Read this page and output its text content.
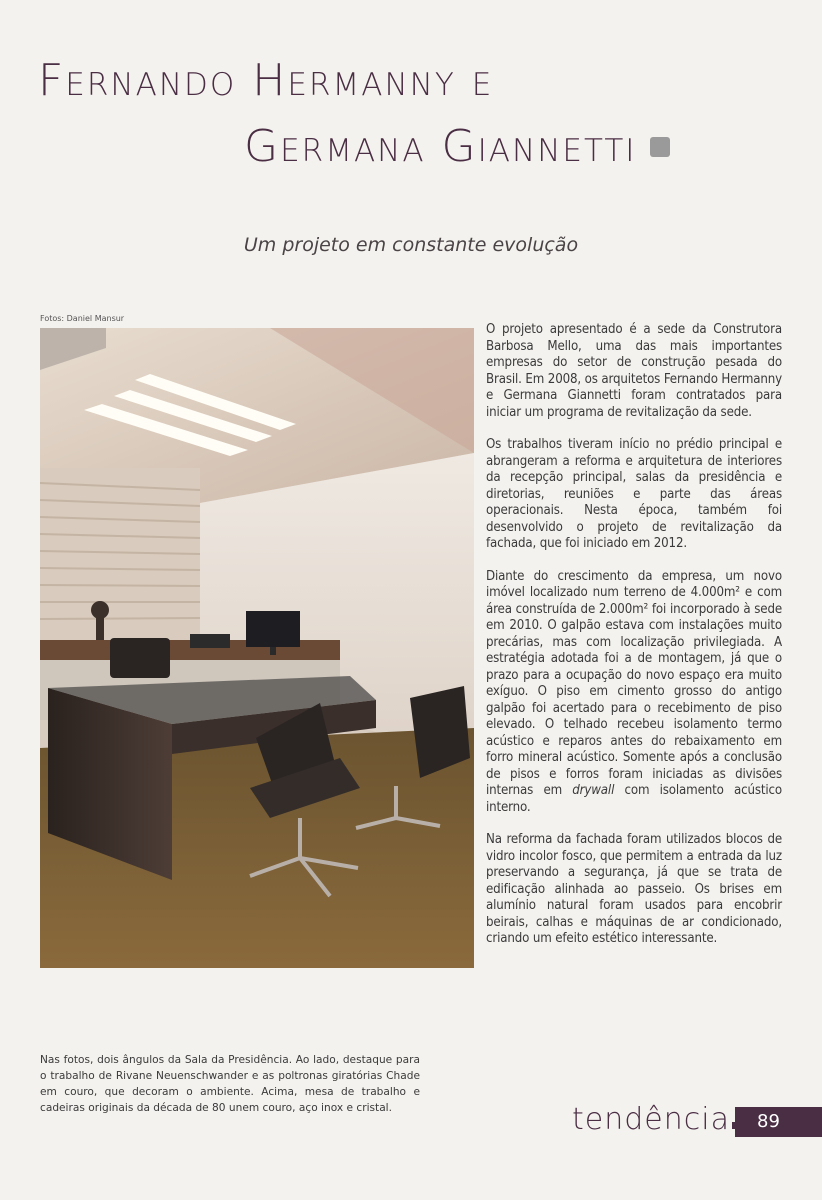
Fernando Hermanny e
Germana Giannetti

Um projeto em constante evolução

Fotos: Daniel Mansur

O projeto apresentado é a sede da Construtora Barbosa Mello, uma das mais importantes empresas do setor de construção pesada do Brasil. Em 2008, os arquitetos Fernando Hermanny e Germana Giannetti foram contratados para iniciar um programa de revitalização da sede.

Os trabalhos tiveram início no prédio principal e abrangeram a reforma e arquitetura de interiores da recepção principal, salas da presidência e diretorias, reuniões e parte das áreas operacionais. Nesta época, também foi desenvolvido o projeto de revitalização da fachada, que foi iniciado em 2012.

Diante do crescimento da empresa, um novo imóvel localizado num terreno de 4.000m² e com área construída de 2.000m² foi incorporado à sede em 2010. O galpão estava com instalações muito precárias, mas com localização privilegiada. A estratégia adotada foi a de montagem, já que o prazo para a ocupação do novo espaço era muito exíguo. O piso em cimento grosso do antigo galpão foi acertado para o recebimento de piso elevado. O telhado recebeu isolamento termo acústico e reparos antes do rebaixamento em forro mineral acústico. Somente após a conclusão de pisos e forros foram iniciadas as divisões internas em drywall com isolamento acústico interno.

Na reforma da fachada foram utilizados blocos de vidro incolor fosco, que permitem a entrada da luz preservando a segurança, já que se trata de edificação alinhada ao passeio. Os brises em alumínio natural foram usados para encobrir beirais, calhas e máquinas de ar condicionado, criando um efeito estético interessante.

Nas fotos, dois ângulos da Sala da Presidência. Ao lado, destaque para o trabalho de Rivane Neuenschwander e as poltronas giratórias Chade em couro, que decoram o ambiente. Acima, mesa de trabalho e cadeiras originais da década de 80 unem couro, aço inox e cristal.	tendência	89
